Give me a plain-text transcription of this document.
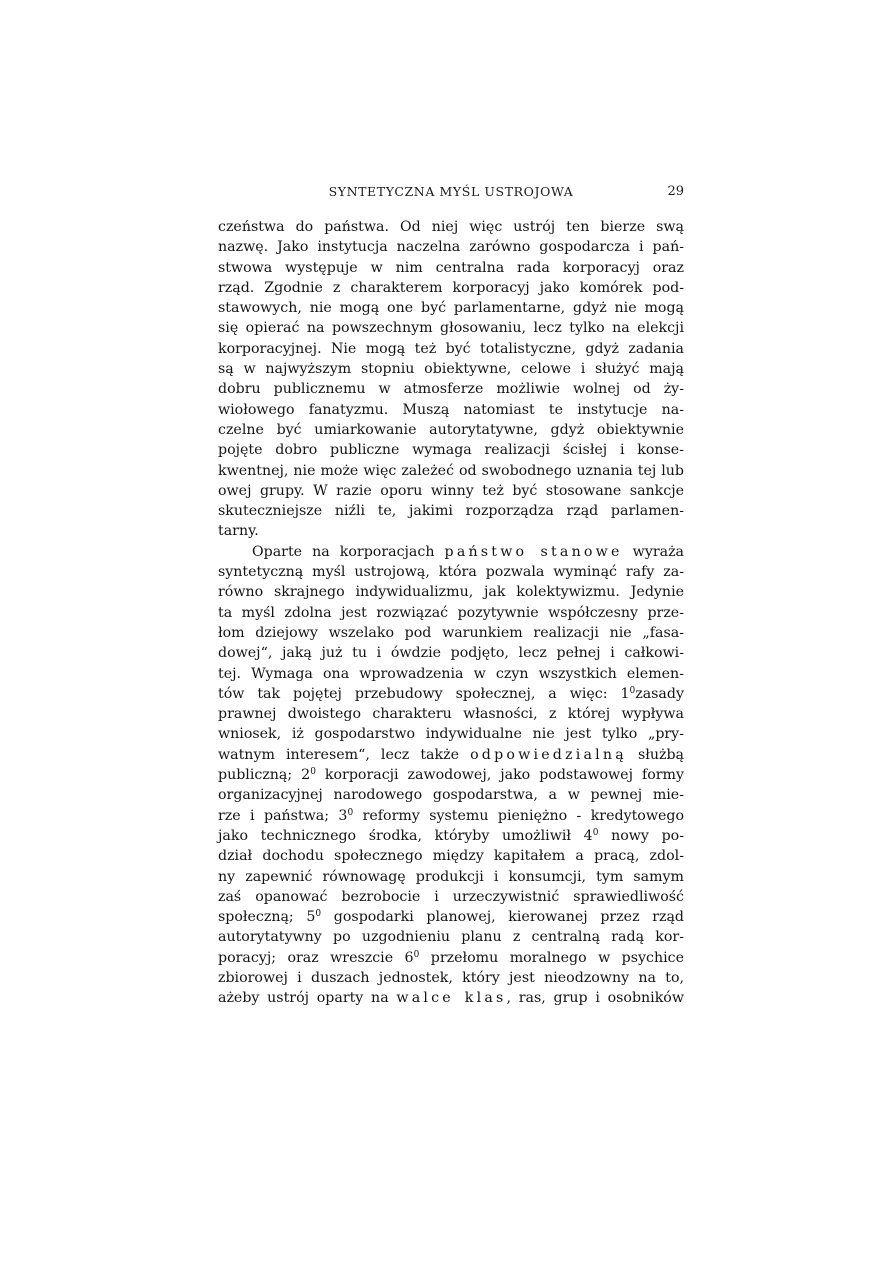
SYNTETYCZNA MYŚL USTROJOWA	29
czeństwa do państwa. Od niej więc ustrój ten bierze swą
nazwę. Jako instytucja naczelna zarówno gospodarcza i pań-
stwowa występuje w nim centralna rada korporacyj oraz
rząd. Zgodnie z charakterem korporacyj jako komórek pod-
stawowych, nie mogą one być parlamentarne, gdyż nie mogą
się opierać na powszechnym głosowaniu, lecz tylko na elekcji
korporacyjnej. Nie mogą też być totalistyczne, gdyż zadania
są w najwyższym stopniu obiektywne, celowe i służyć mają
dobru publicznemu w atmosferze możliwie wolnej od ży-
wiołowego fanatyzmu. Muszą natomiast te instytucje na-
czelne być umiarkowanie autorytatywne, gdyż obiektywnie
pojęte dobro publiczne wymaga realizacji ścisłej i konse-
kwentnej, nie może więc zależeć od swobodnego uznania tej lub
owej grupy. W razie oporu winny też być stosowane sankcje
skuteczniejsze niźli te, jakimi rozporządza rząd parlamen-
tarny.
Oparte na korporacjach państwo stanowe wyraża
syntetyczną myśl ustrojową, która pozwala wyminąć rafy za-
równo skrajnego indywidualizmu, jak kolektywizmu. Jedynie
ta myśl zdolna jest rozwiązać pozytywnie współczesny prze-
łom dziejowy wszelako pod warunkiem realizacji nie „fasa-
dowej“, jaką już tu i ówdzie podjęto, lecz pełnej i całkowi-
tej. Wymaga ona wprowadzenia w czyn wszystkich elemen-
tów tak pojętej przebudowy społecznej, a więc: $1^0zasady$
prawnej dwoistego charakteru własności, z której wypływa
wniosek, iż gospodarstwo indywidualne nie jest tylko „pry-
watnym interesem“, lecz także odpowiedzialną służbą
publiczną; $2^0$ korporacji zawodowej, jako podstawowej formy
organizacyjnej narodowego gospodarstwa, a w pewnej mie-
rze i państwa; $3^0$ reformy systemu pieniężno - kredytowego
jako technicznego środka, któryby umożliwił $4^0$ nowy po-
dział dochodu społecznego między kapitałem a pracą, zdol-
ny zapewnić równowagę produkcji i konsumcji, tym samym
zaś opanować bezrobocie i urzeczywistnić sprawiedliwość
społeczną; $5^0$ gospodarki planowej, kierowanej przez rząd
autorytatywny po uzgodnieniu planu z centralną radą kor-
poracyj; oraz wreszcie $6^0$ przełomu moralnego w psychice
zbiorowej i duszach jednostek, który jest nieodzowny na to,
ażeby ustrój oparty na walce klas, ras, grup i osobników
